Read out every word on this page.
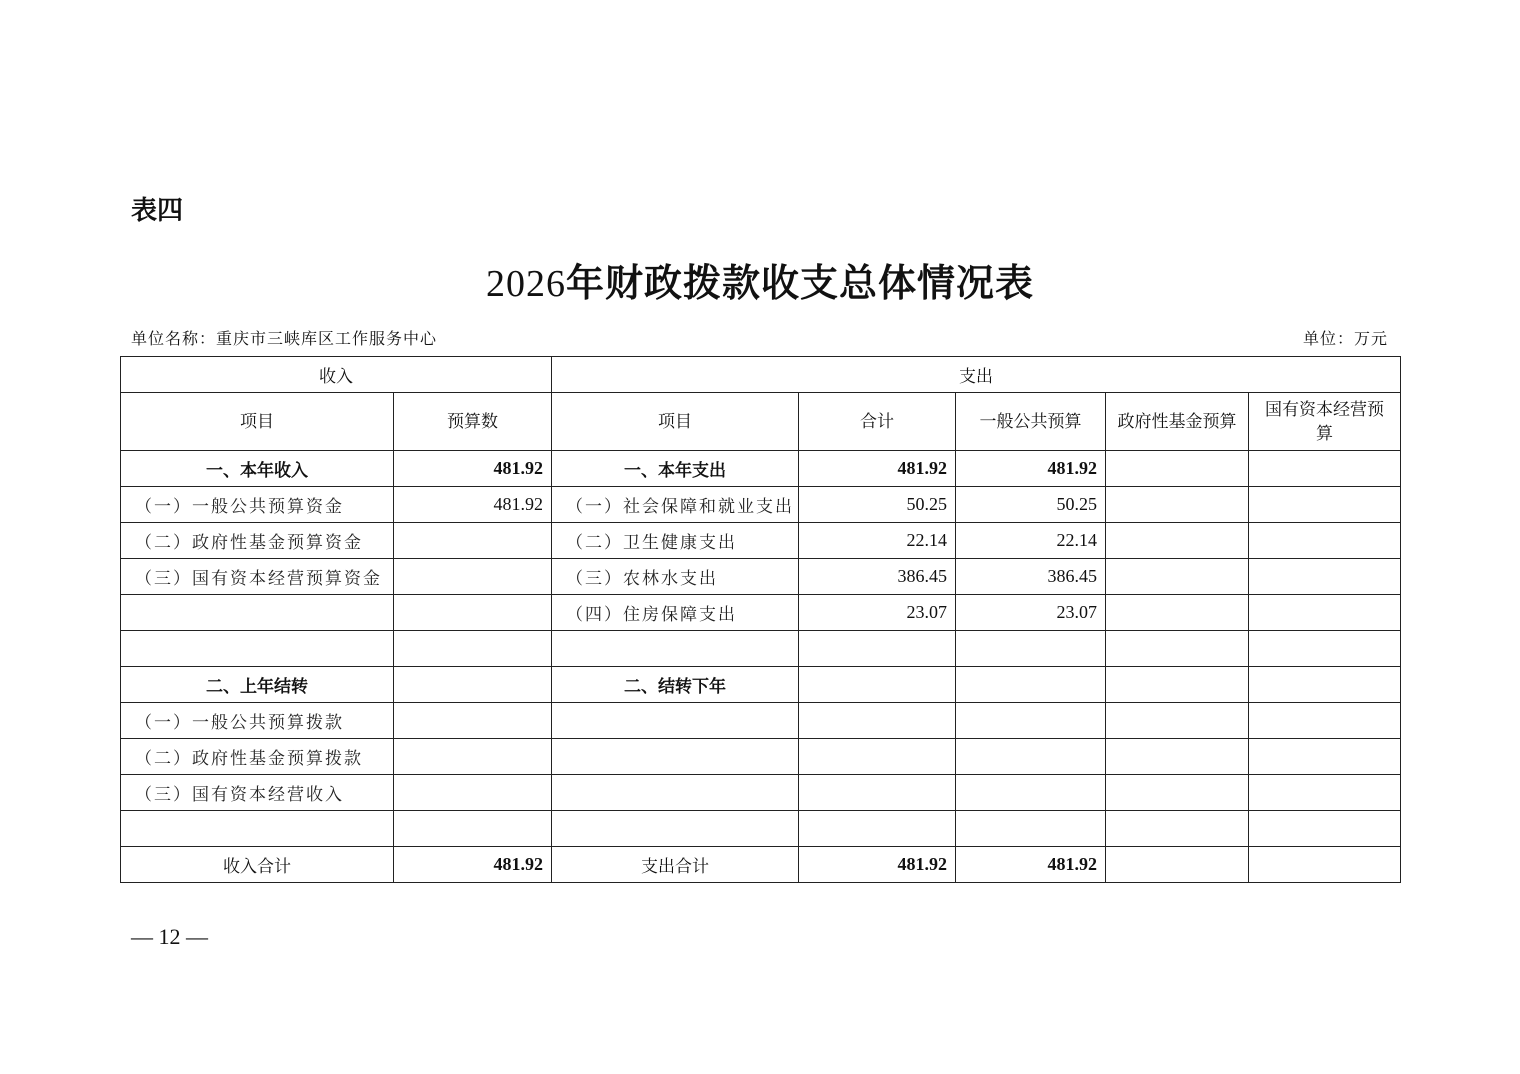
表四
2026年财政拨款收支总体情况表
单位名称：重庆市三峡库区工作服务中心	单位：万元
收入		支出				
项目	预算数	项目	合计	一般公共预算	政府性基金预算	国有资本经营预算
一、本年收入	481.92	一、本年支出	481.92	481.92		
（一）一般公共预算资金	481.92	（一）社会保障和就业支出	50.25	50.25		
（二）政府性基金预算资金		（二）卫生健康支出	22.14	22.14		
（三）国有资本经营预算资金		（三）农林水支出	386.45	386.45		
		（四）住房保障支出	23.07	23.07		

二、上年结转		二、结转下年				
（一）一般公共预算拨款						
（二）政府性基金预算拨款						
（三）国有资本经营收入						

收入合计	481.92	支出合计	481.92	481.92		
— 12 —
